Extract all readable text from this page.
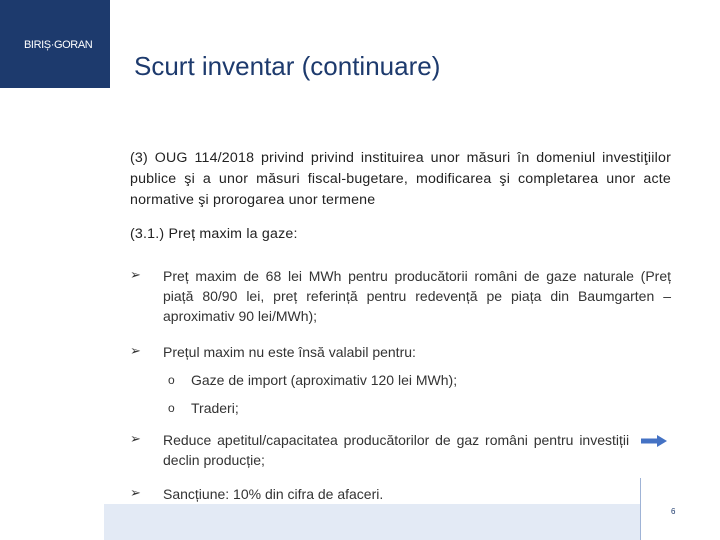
BIRIȘ·GORAN
Scurt inventar (continuare)

(3) OUG 114/2018 privind privind instituirea unor măsuri în domeniul investiţiilor publice şi a unor măsuri fiscal-bugetare, modificarea şi completarea unor acte normative şi prorogarea unor termene

(3.1.) Preț maxim la gaze:

➢ Preț maxim de 68 lei MWh pentru producătorii români de gaze naturale (Preț piață 80/90 lei, preț referință pentru redevență pe piața din Baumgarten – aproximativ 90 lei/MWh);
➢ Prețul maxim nu este însă valabil pentru:
o Gaze de import (aproximativ 120 lei MWh);
o Traderi;
➢ Reduce apetitul/capacitatea producătorilor de gaz români pentru investiții  declin producție;
➢ Sancțiune: 10% din cifra de afaceri.
6
